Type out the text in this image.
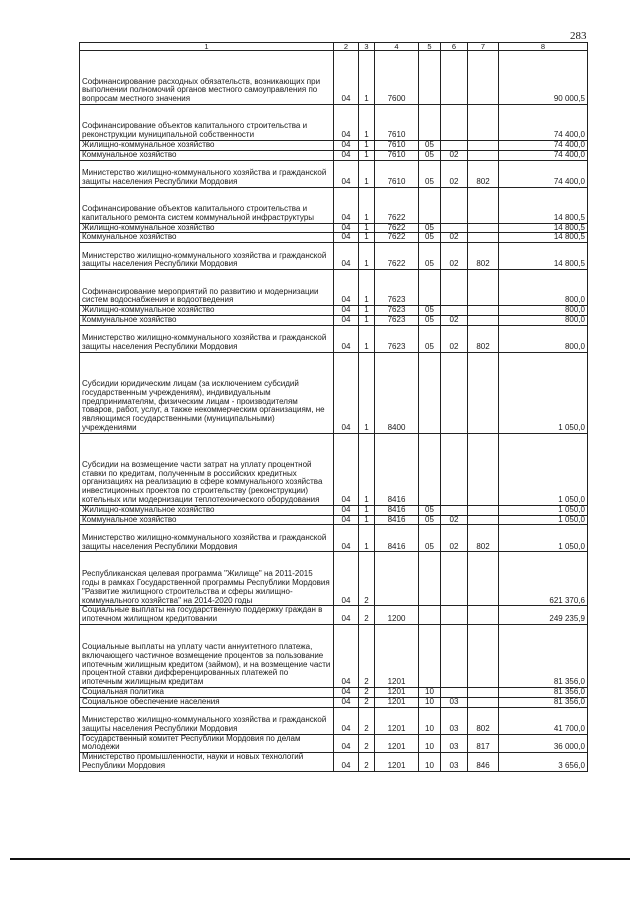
283
1	2	3	4	5	6	7	8
Софинансирование расходных обязательств, возникающих при выполнении полномочий органов местного самоуправления по вопросам местного значения	04	1	7600				90 000,5
Софинансирование объектов капитального строительства и реконструкции муниципальной собственности	04	1	7610				74 400,0
Жилищно-коммунальное хозяйство	04	1	7610	05			74 400,0
Коммунальное хозяйство	04	1	7610	05	02		74 400,0
Министерство жилищно-коммунального хозяйства и гражданской защиты населения Республики Мордовия	04	1	7610	05	02	802	74 400,0
Софинансирование объектов капитального строительства и капитального ремонта систем коммунальной инфраструктуры	04	1	7622				14 800,5
Жилищно-коммунальное хозяйство	04	1	7622	05			14 800,5
Коммунальное хозяйство	04	1	7622	05	02		14 800,5
Министерство жилищно-коммунального хозяйства и гражданской защиты населения Республики Мордовия	04	1	7622	05	02	802	14 800,5
Софинансирование мероприятий по развитию и модернизации систем водоснабжения и водоотведения	04	1	7623				800,0
Жилищно-коммунальное хозяйство	04	1	7623	05			800,0
Коммунальное хозяйство	04	1	7623	05	02		800,0
Министерство жилищно-коммунального хозяйства и гражданской защиты населения Республики Мордовия	04	1	7623	05	02	802	800,0
Субсидии юридическим лицам (за исключением субсидий государственным учреждениям), индивидуальным предпринимателям, физическим лицам - производителям товаров, работ, услуг, а также некоммерческим организациям, не являющимся государственными (муниципальными) учреждениями	04	1	8400				1 050,0
Субсидии на возмещение части затрат на уплату процентной ставки по кредитам, полученным в российских кредитных организациях на реализацию в сфере коммунального хозяйства инвестиционных проектов по строительству (реконструкции) котельных или модернизации теплотехнического оборудования	04	1	8416				1 050,0
Жилищно-коммунальное хозяйство	04	1	8416	05			1 050,0
Коммунальное хозяйство	04	1	8416	05	02		1 050,0
Министерство жилищно-коммунального хозяйства и гражданской защиты населения Республики Мордовия	04	1	8416	05	02	802	1 050,0
Республиканская целевая программа "Жилище" на 2011-2015 годы в рамках Государственной программы Республики Мордовия "Развитие жилищного строительства и сферы жилищно-коммунального хозяйства" на 2014-2020 годы	04	2					621 370,6
Социальные выплаты на государственную поддержку граждан в ипотечном жилищном кредитовании	04	2	1200				249 235,9
Социальные выплаты на уплату части аннуитетного платежа, включающего частичное возмещение процентов за пользование ипотечным жилищным кредитом (займом), и на возмещение части процентной ставки дифференцированных платежей по ипотечным жилищным кредитам	04	2	1201				81 356,0
Социальная политика	04	2	1201	10			81 356,0
Социальное обеспечение населения	04	2	1201	10	03		81 356,0
Министерство жилищно-коммунального хозяйства и гражданской защиты населения Республики Мордовия	04	2	1201	10	03	802	41 700,0
Государственный комитет Республики Мордовия по делам молодежи	04	2	1201	10	03	817	36 000,0
Министерство промышленности, науки и новых технологий Республики Мордовия	04	2	1201	10	03	846	3 656,0
